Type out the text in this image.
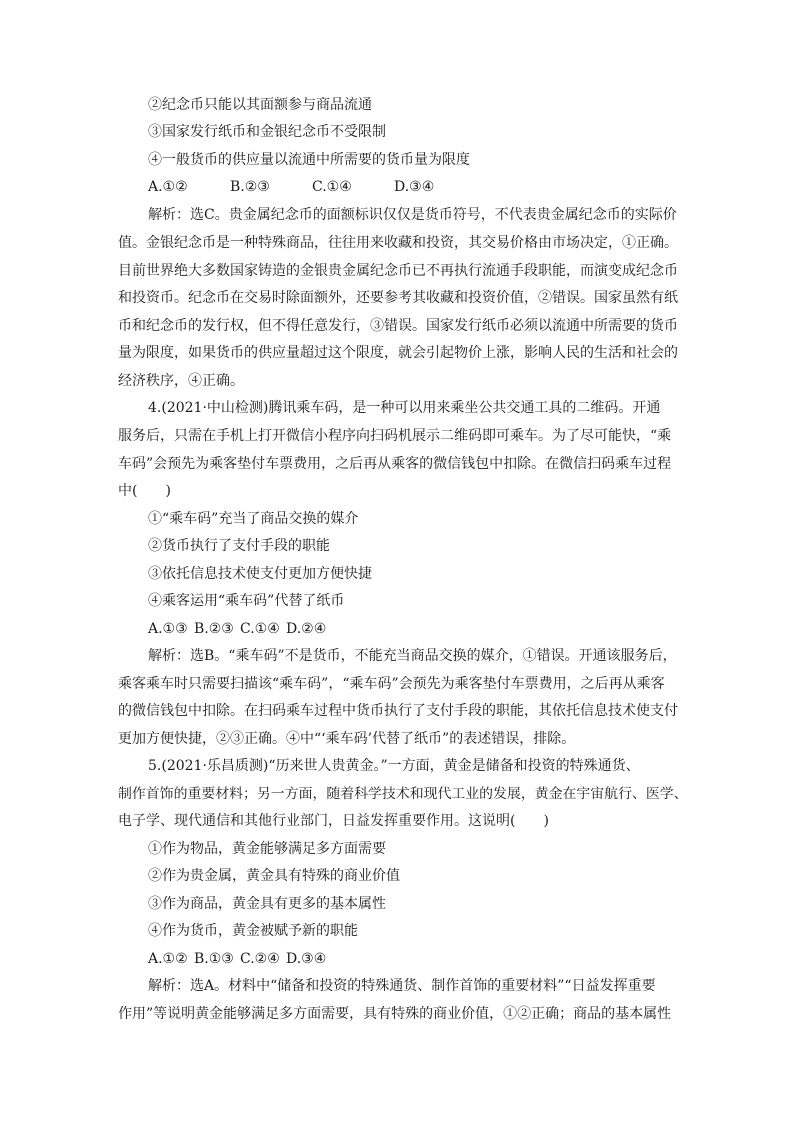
②纪念币只能以其面额参与商品流通
③国家发行纸币和金银纪念币不受限制
④一般货币的供应量以流通中所需要的货币量为限度
A.①②	B.②③	C.①④	D.③④
解析：选C。贵金属纪念币的面额标识仅仅是货币符号，不代表贵金属纪念币的实际价
值。金银纪念币是一种特殊商品，往往用来收藏和投资，其交易价格由市场决定，①正确。
目前世界绝大多数国家铸造的金银贵金属纪念币已不再执行流通手段职能，而演变成纪念币
和投资币。纪念币在交易时除面额外，还要参考其收藏和投资价值，②错误。国家虽然有纸
币和纪念币的发行权，但不得任意发行，③错误。国家发行纸币必须以流通中所需要的货币
量为限度，如果货币的供应量超过这个限度，就会引起物价上涨，影响人民的生活和社会的
经济秩序，④正确。
4.(2021·中山检测)腾讯乘车码，是一种可以用来乘坐公共交通工具的二维码。开通
服务后，只需在手机上打开微信小程序向扫码机展示二维码即可乘车。为了尽可能快，“乘
车码”会预先为乘客垫付车票费用，之后再从乘客的微信钱包中扣除。在微信扫码乘车过程
中(　　)
①“乘车码”充当了商品交换的媒介
②货币执行了支付手段的职能
③依托信息技术使支付更加方便快捷
④乘客运用“乘车码”代替了纸币
A.①③ B.②③ C.①④ D.②④
解析：选B。“乘车码”不是货币，不能充当商品交换的媒介，①错误。开通该服务后，
乘客乘车时只需要扫描该“乘车码”，“乘车码”会预先为乘客垫付车票费用，之后再从乘客
的微信钱包中扣除。在扫码乘车过程中货币执行了支付手段的职能，其依托信息技术使支付
更加方便快捷，②③正确。④中“‘乘车码’代替了纸币”的表述错误，排除。
5.(2021·乐昌质测)“历来世人贵黄金。”一方面，黄金是储备和投资的特殊通货、
制作首饰的重要材料；另一方面，随着科学技术和现代工业的发展，黄金在宇宙航行、医学、
电子学、现代通信和其他行业部门，日益发挥重要作用。这说明(　　)
①作为物品，黄金能够满足多方面需要
②作为贵金属，黄金具有特殊的商业价值
③作为商品，黄金具有更多的基本属性
④作为货币，黄金被赋予新的职能
A.①② B.①③ C.②④ D.③④
解析：选A。材料中“储备和投资的特殊通货、制作首饰的重要材料”“日益发挥重要
作用”等说明黄金能够满足多方面需要，具有特殊的商业价值，①②正确；商品的基本属性
